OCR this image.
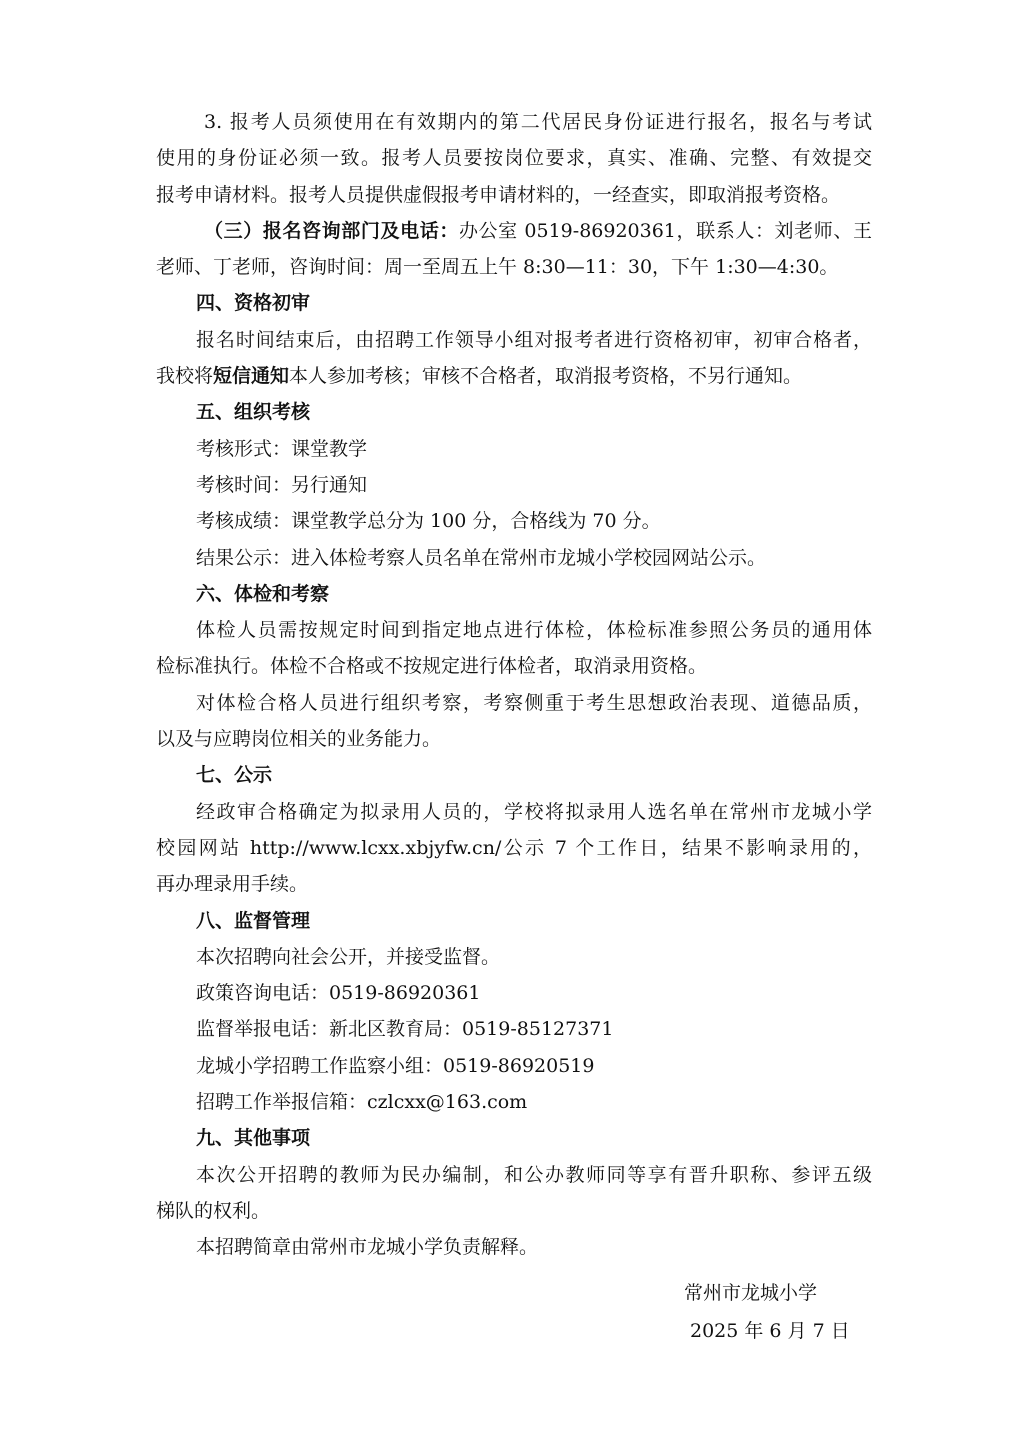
3. 报考人员须使用在有效期内的第二代居民身份证进行报名，报名与考试
使用的身份证必须一致。报考人员要按岗位要求，真实、准确、完整、有效提交
报考申请材料。报考人员提供虚假报考申请材料的，一经查实，即取消报考资格。
（三）报名咨询部门及电话：办公室 0519-86920361，联系人：刘老师、王
老师、丁老师，咨询时间：周一至周五上午 8:30—11：30，下午 1:30—4:30。
四、资格初审
报名时间结束后，由招聘工作领导小组对报考者进行资格初审，初审合格者，
我校将短信通知本人参加考核；审核不合格者，取消报考资格，不另行通知。
五、组织考核
考核形式：课堂教学
考核时间：另行通知
考核成绩：课堂教学总分为 100 分，合格线为 70 分。
结果公示：进入体检考察人员名单在常州市龙城小学校园网站公示。
六、体检和考察
体检人员需按规定时间到指定地点进行体检，体检标准参照公务员的通用体
检标准执行。体检不合格或不按规定进行体检者，取消录用资格。
对体检合格人员进行组织考察，考察侧重于考生思想政治表现、道德品质，
以及与应聘岗位相关的业务能力。
七、公示
经政审合格确定为拟录用人员的，学校将拟录用人选名单在常州市龙城小学
校园网站 http://www.lcxx.xbjyfw.cn/公示 7 个工作日，结果不影响录用的，
再办理录用手续。
八、监督管理
本次招聘向社会公开，并接受监督。
政策咨询电话：0519-86920361
监督举报电话：新北区教育局：0519-85127371
龙城小学招聘工作监察小组：0519-86920519
招聘工作举报信箱：czlcxx@163.com
九、其他事项
本次公开招聘的教师为民办编制，和公办教师同等享有晋升职称、参评五级
梯队的权利。
本招聘简章由常州市龙城小学负责解释。
常州市龙城小学
2025 年 6 月 7 日
